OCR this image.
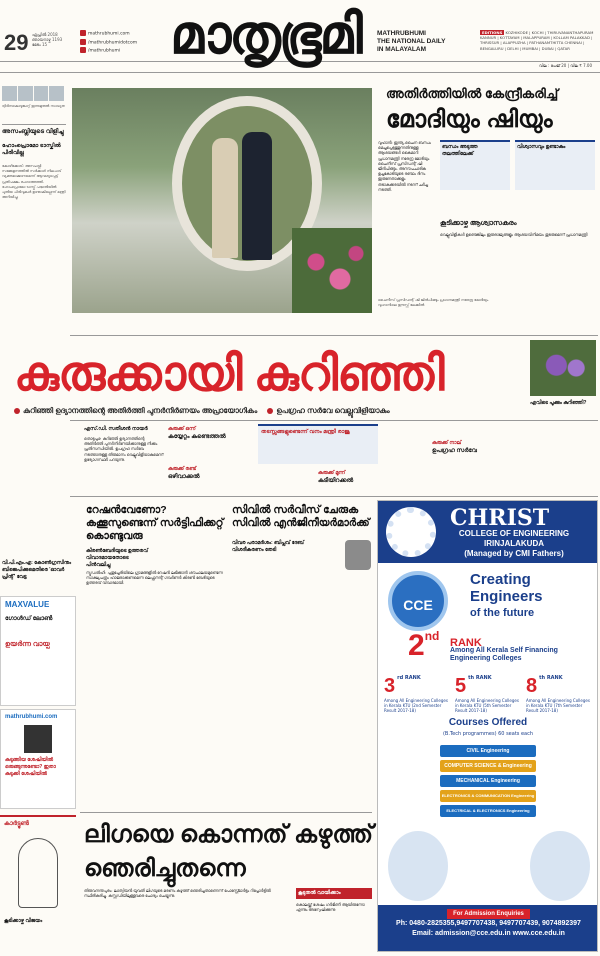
29 ഏപ്രിൽ 2018 ഞായറാഴ്ച 1193 മേടം 15
mathrubhumi.com
/mathrubhumidotcom
/mathrubhumi മാതൃഭൂമി	MATHRUBHUMI
THE NATIONAL DAILY
IN MALAYALAM
EDITIONS KOZHIKODE | KOCHI | THIRUVANANTHAPURAM KANNUR | KOTTAYAM | MALAPPURAM | KOLLAM PALAKKAD | THRISSUR | ALAPPUZHA | PATHANAMTHITTA CHENNAI | BENGALURU | DELHI | MUMBAI | DUBAI | QATAR
വില : പേജ് 20 | വില ₹ 7.00
ദ്വിദിനകൊടുങ്കാറ്റ് ഇന്നുമുതൽ സാധ്യത
അസംബ്ലിയുടെ വിളിച്ചു
ഹോംപ്രൊമോ ടാസ്കിൽ പിരിവില്ല
കോഴിക്കോട്: അസംബ്ലി സമ്മേളനത്തിൽ സർക്കാർ നിലപാട് വ്യക്തമാക്കണമെന്ന് ആവശ്യപ്പെട്ട് പ്രതിപക്ഷം രംഗത്തെത്തി. ഹോംപ്രൊമോ ടാസ്ക് പദ്ധതിയിൽ പുതിയ പിരിവുകൾ ഉണ്ടാകില്ലെന്ന് മന്ത്രി അറിയിച്ചു.
ചൈനീസ് പ്രസിഡന്റ് ഷി ജിൻപിങ്ങും പ്രധാനമന്ത്രി നരേന്ദ്ര മോദിയും വുഹാനിലെ ഈസ്റ്റ് ലേക്കിൽ
അതിർത്തിയിൽ കേന്ദ്രീകരിച്ച്
മോദിയും ഷിയും
വുഹാൻ: ഇന്ത്യ-ചൈന ബന്ധം മെച്ചപ്പെടുത്തുന്നതിനുള്ള ആശയങ്ങൾ കൈമാറി പ്രധാനമന്ത്രി നരേന്ദ്ര മോദിയും ചൈനീസ് പ്രസിഡന്റ് ഷി ജിൻപിങ്ങും. അനൗപചാരിക ഉച്ചകോടിയുടെ രണ്ടാം ദിനം ഇരുനേതാക്കളും തടാകക്കരയിൽ നടന്ന് ചർച്ച നടത്തി.
ബന്ധം അടുത്ത തലത്തിലേക്ക്
വിശ്വാസവും ഉണ്ടാകും
കൂടിക്കാഴ്ച ആശ്വാസകരം
വെല്ലുവിളികൾ ഉണ്ടെങ്കിലും ഇരുരാജ്യങ്ങളും ആശയവിനിമയം തുടരുമെന്ന് പ്രധാനമന്ത്രി
കുരുക്കായി കുറിഞ്ഞി
കുറിഞ്ഞി ഉദ്യാനത്തിന്റെ അതിർത്തി പുനർനിർണയം അപ്രായോഗികം	ഉപഗ്രഹ സർവേ വെല്ലുവിളിയാകും
എവിടെ പൂക്കും കുറിഞ്ഞി?
എസ്.ഡി. സതീശൻ നായർ
തൊടുപുഴ: കുറിഞ്ഞി ഉദ്യാനത്തിന്റെ അതിർത്തി പുനർനിർണയിക്കാനുള്ള നീക്കം പ്രതിസന്ധിയിൽ. ഉപഗ്രഹ സർവേ നടത്താനുള്ള തീരുമാനം വെല്ലുവിളിയാകുമെന്ന് ഉദ്യോഗസ്ഥർ പറയുന്നു.
കുരുക്ക് ഒന്ന്
കയ്യേറ്റം കണ്ടെത്തൽ
കുരുക്ക് രണ്ട്
ഒഴിവാക്കൽ
തടസ്സങ്ങളുണ്ടെന്ന് വനം മന്ത്രി രാജു
കുരുക്ക് മൂന്ന്
കുടിയിറക്കൽ
കുരുക്ക് നാല്
ഉപഗ്രഹ സർവേ
റേഷൻവേണോ? കക്കൂസുണ്ടെന്ന് സർട്ടിഫിക്കറ്റ് കൊണ്ടുവരു
കിരൺബേദിയുടെ ഉത്തരവ് വിവാദമായതോടെ പിൻവലിച്ചു
ന്യൂഡൽഹി: പുതുച്ചേരിയിലെ ഗ്രാമങ്ങളിൽ റേഷൻ ലഭിക്കാൻ ശൗചാലയമുണ്ടെന്ന സാക്ഷ്യപത്രം ഹാജരാക്കണമെന്ന ലെഫ്റ്റനന്റ് ഗവർണർ കിരൺ ബേദിയുടെ ഉത്തരവ് വിവാദമായി.
സിവിൽ സർവീസ് ചേരുക സിവിൽ എൻജിനീയർമാർക്ക്
വിവര പരാമർശം: ബിപ്ലവ് ദേബ് വിശദീകരണം തേടി
വി.പി.എം.എ: കോൺഗ്രസിനും ബിജെപിക്കുമെതിരെ 'ഓവർ പ്രിന്റ്' വേട്ട
MAXVALUE
ഗോൾഡ് ലോൺ
ഉയർന്ന വായ്പ
mathrubhumi.com
കുടുങ്ങിയ ശേഷിയിൽ ഒരുങ്ങുന്നുണ്ടോ? ഇതാ കുടുക്കി ശേഷിയിൽ
കാർട്ടൂൺ
കൂടിക്കാഴ്ച വിജയം
ലിഗയെ കൊന്നത് കഴുത്ത്
ഞെരിച്ചുതന്നെ
തിരുവനന്തപുരം: ലാത്വിയൻ യുവതി ലിഗയുടെ മരണം കഴുത്ത് ഞെരിച്ചതാണെന്ന് പോസ്റ്റ്മോർട്ടം റിപ്പോർട്ടിൽ സ്ഥിരീകരിച്ചു. കസ്റ്റഡിയിലുള്ളവരെ ചോദ്യം ചെയ്യുന്നു.	കൂടുതൽ വായിക്കാം
കൊലയ്ക്ക് ശേഷം ഗർഭിണി ആയിരുന്നോ എന്നും അന്വേഷിക്കുന്നു
CHRIST
COLLEGE OF ENGINEERING
IRINJALAKUDA
(Managed by CMI Fathers)
CCE
Creating
Engineers
of the future
2nd RANK
Among All Kerala Self Financing Engineering Colleges
3 rd RANK
Among All Engineering Colleges in Kerala KTU (2nd Semester Result 2017-18)
5 th RANK
Among All Engineering Colleges in Kerala KTU (5th Semester Result 2017-18)
8 th RANK
Among All Engineering Colleges in Kerala KTU (7th Semester Result 2017-18)
Courses Offered
(B.Tech programmes) 60 seats each
CIVIL Engineering
COMPUTER SCIENCE & Engineering
MECHANICAL Engineering
ELECTRONICS & COMMUNICATION Engineering
ELECTRICAL & ELECTRONICS Engineering
For Admission Enquiries
Ph: 0480-2825355,9497707438, 9497707439, 9074892397
Email: admission@cce.edu.in www.cce.edu.in
